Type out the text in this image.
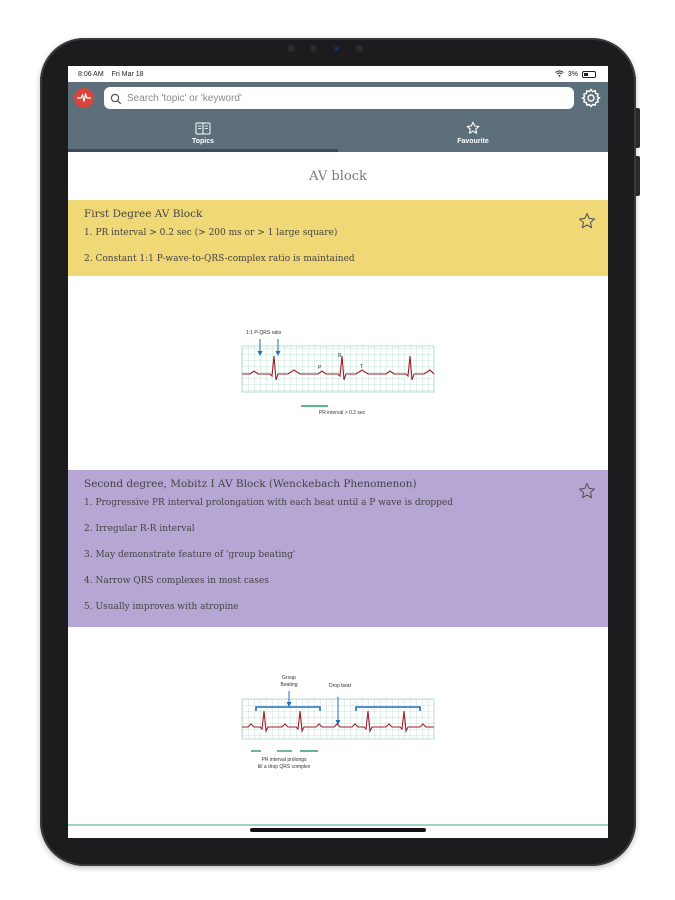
8:06 AM Fri Mar 18	3%
Search 'topic' or 'keyword'
Topics	Favourite
AV block
First Degree AV Block
1. PR interval > 0.2 sec (> 200 ms or > 1 large square)
2. Constant 1:1 P-wave-to-QRS-complex ratio is maintained
1:1 P-QRS ratio
P
R
T
PR interval > 0.2 sec
Second degree, Mobitz I AV Block (Wenckebach Phenomenon)
1. Progressive PR interval prolongation with each beat until a P wave is dropped
2. Irregular R-R interval
3. May demonstrate feature of 'group beating'
4. Narrow QRS complexes in most cases
5. Usually improves with atropine
Group
Beating	Drop beat
PR interval prolongs
till a drop QRS complex
